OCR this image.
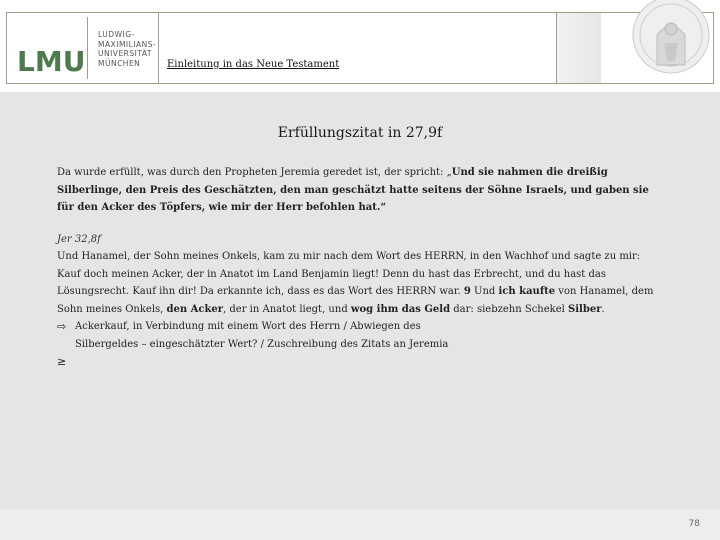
LMU
LUDWIG-
MAXIMILIANS-
UNIVERSITÄT
MÜNCHEN	Einleitung in das Neue Testament
Erfüllungszitat in 27,9f

Da wurde erfüllt, was durch den Propheten Jeremia geredet ist, der spricht: „Und sie nahmen die dreißig Silberlinge, den Preis des Geschätzten, den man geschätzt hatte seitens der Söhne Israels, und gaben sie für den Acker des Töpfers, wie mir der Herr befohlen hat.“

Jer 32,8f

Und Hanamel, der Sohn meines Onkels, kam zu mir nach dem Wort des HERRN, in den Wachhof und sagte zu mir: Kauf doch meinen Acker, der in Anatot im Land Benjamin liegt! Denn du hast das Erbrecht, und du hast das Lösungsrecht. Kauf ihn dir! Da erkannte ich, dass es das Wort des HERRN war. 9 Und ich kaufte von Hanamel, dem Sohn meines Onkels, den Acker, der in Anatot liegt, und wog ihm das Geld dar: siebzehn Schekel Silber.

⇨ Ackerkauf, in Verbindung mit einem Wort des Herrn / Abwiegen des

Silbergeldes – eingeschätzter Wert? / Zuschreibung des Zitats an Jeremia

≥

78
